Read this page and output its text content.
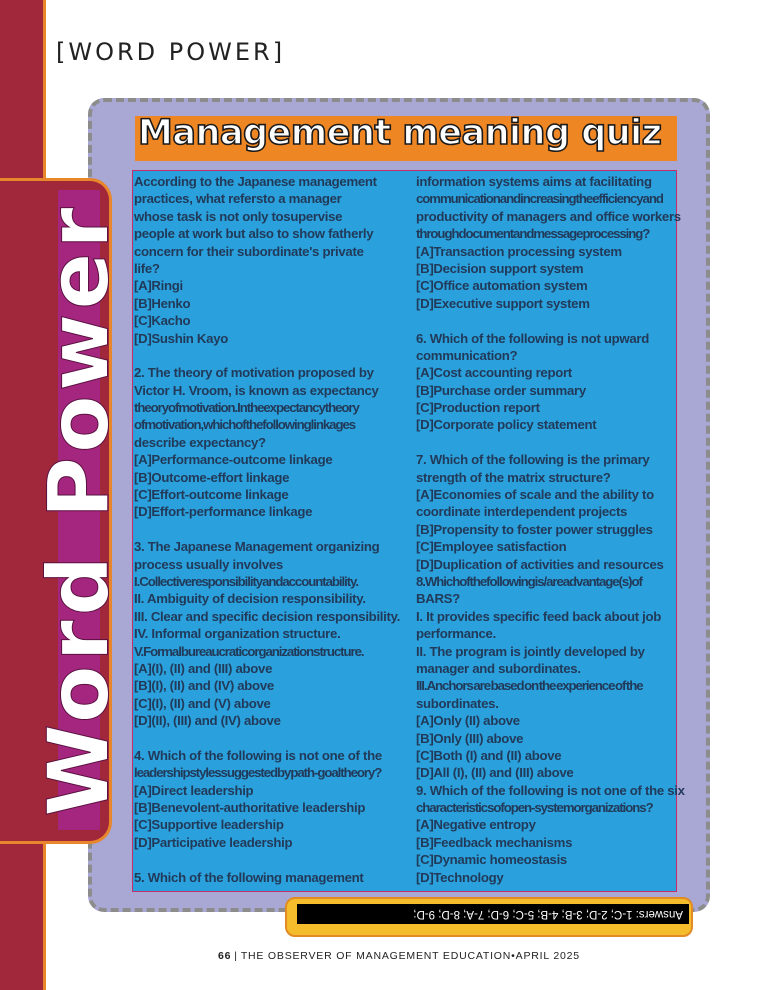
[WORD POWER]
Word Power
Management meaning quiz
According to the Japanese management
practices, what refersto a manager
whose task is not only tosupervise
people at work but also to show fatherly
concern for their subordinate's private
life?
[A]Ringi
[B]Henko
[C]Kacho
[D]Sushin Kayo
2. The theory of motivation proposed by
Victor H. Vroom, is known as expectancy
theoryofmotivation.Intheexpectancytheory
ofmotivation,whichofthefollowinglinkages
describe expectancy?
[A]Performance-outcome linkage
[B]Outcome-effort linkage
[C]Effort-outcome linkage
[D]Effort-performance linkage
3. The Japanese Management organizing
process usually involves
I.Collectiveresponsibilityandaccountability.
II. Ambiguity of decision responsibility.
III. Clear and specific decision responsibility.
IV. Informal organization structure.
V.Formalbureaucraticorganizationstructure.
[A](I), (II) and (III) above
[B](I), (II) and (IV) above
[C](I), (II) and (V) above
[D](II), (III) and (IV) above
4. Which of the following is not one of the
leadershipstylessuggestedbypath-goaltheory?
[A]Direct leadership
[B]Benevolent-authoritative leadership
[C]Supportive leadership
[D]Participative leadership
5. Which of the following management
information systems aims at facilitating
communicationandincreasingtheefficiencyand
productivity of managers and office workers
throughdocumentandmessageprocessing?
[A]Transaction processing system
[B]Decision support system
[C]Office automation system
[D]Executive support system
6. Which of the following is not upward
communication?
[A]Cost accounting report
[B]Purchase order summary
[C]Production report
[D]Corporate policy statement
7. Which of the following is the primary
strength of the matrix structure?
[A]Economies of scale and the ability to
coordinate interdependent projects
[B]Propensity to foster power struggles
[C]Employee satisfaction
[D]Duplication of activities and resources
8.Whichofthefollowingis/areadvantage(s)of
BARS?
I. It provides specific feed back about job
performance.
II. The program is jointly developed by
manager and subordinates.
III. Anchors are based on the experience of the
subordinates.
[A]Only (II) above
[B]Only (III) above
[C]Both (I) and (II) above
[D]All (I), (II) and (III) above
9. Which of the following is not one of the six
characteristicsofopen-systemorganizations?
[A]Negative entropy
[B]Feedback mechanisms
[C]Dynamic homeostasis
[D]Technology
Answers: 1-C; 2-D; 3-B; 4-B; 5-C; 6-D; 7-A; 8-D; 9-D;
66 | THE OBSERVER OF MANAGEMENT EDUCATION•APRIL 2025
